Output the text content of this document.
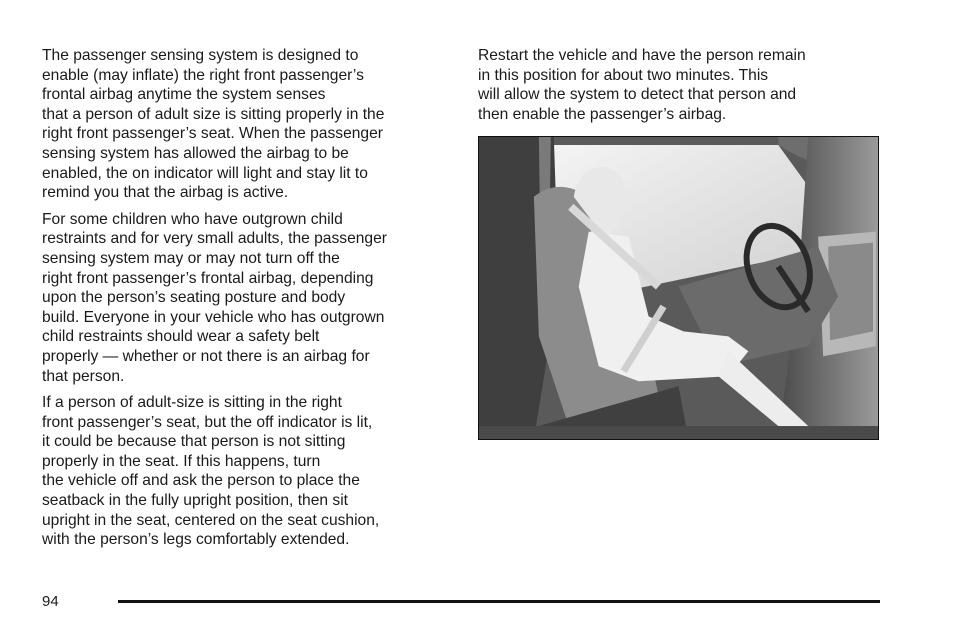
The passenger sensing system is designed to
enable (may inflate) the right front passenger’s
frontal airbag anytime the system senses
that a person of adult size is sitting properly in the
right front passenger’s seat. When the passenger
sensing system has allowed the airbag to be
enabled, the on indicator will light and stay lit to
remind you that the airbag is active.

For some children who have outgrown child
restraints and for very small adults, the passenger
sensing system may or may not turn off the
right front passenger’s frontal airbag, depending
upon the person’s seating posture and body
build. Everyone in your vehicle who has outgrown
child restraints should wear a safety belt
properly — whether or not there is an airbag for
that person.

If a person of adult-size is sitting in the right
front passenger’s seat, but the off indicator is lit,
it could be because that person is not sitting
properly in the seat. If this happens, turn
the vehicle off and ask the person to place the
seatback in the fully upright position, then sit
upright in the seat, centered on the seat cushion,
with the person’s legs comfortably extended.

Restart the vehicle and have the person remain
in this position for about two minutes. This
will allow the system to detect that person and
then enable the passenger’s airbag.

94
